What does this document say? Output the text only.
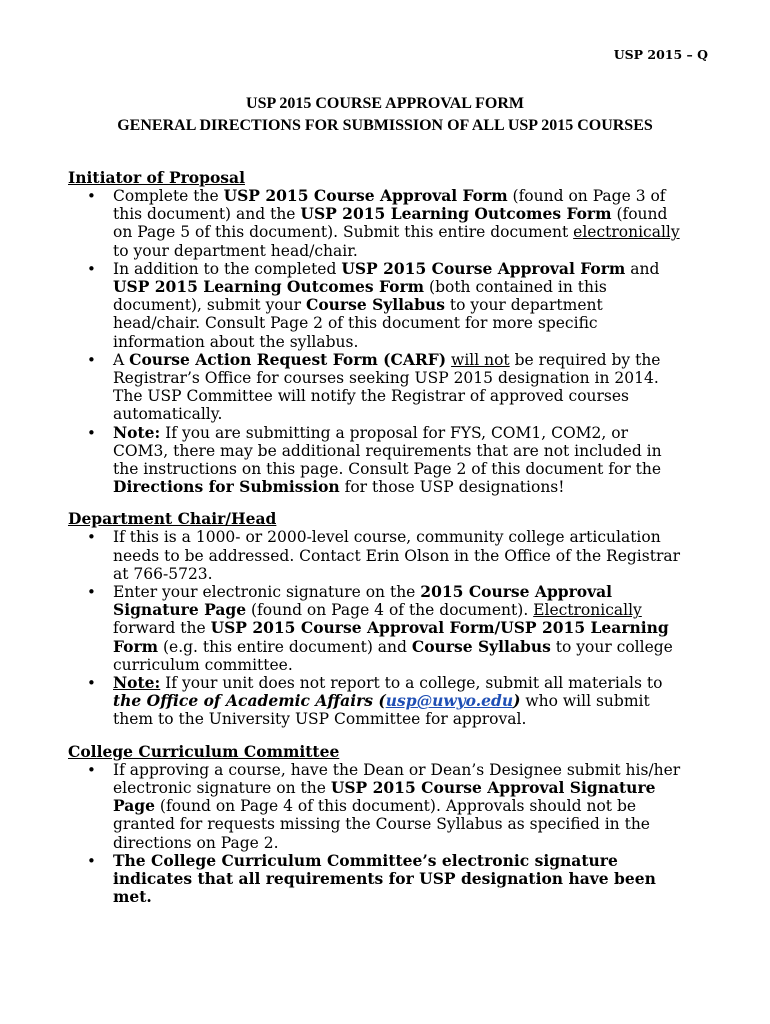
USP 2015 – Q
USP 2015 COURSE APPROVAL FORM
GENERAL DIRECTIONS FOR SUBMISSION OF ALL USP 2015 COURSES
Initiator of Proposal
• Complete the USP 2015 Course Approval Form (found on Page 3 of this document) and the USP 2015 Learning Outcomes Form (found on Page 5 of this document). Submit this entire document electronically to your department head/chair.
• In addition to the completed USP 2015 Course Approval Form and USP 2015 Learning Outcomes Form (both contained in this document), submit your Course Syllabus to your department head/chair. Consult Page 2 of this document for more specific information about the syllabus.
• A Course Action Request Form (CARF) will not be required by the Registrar’s Office for courses seeking USP 2015 designation in 2014. The USP Committee will notify the Registrar of approved courses automatically.
• Note: If you are submitting a proposal for FYS, COM1, COM2, or COM3, there may be additional requirements that are not included in the instructions on this page. Consult Page 2 of this document for the Directions for Submission for those USP designations!
Department Chair/Head
• If this is a 1000- or 2000-level course, community college articulation needs to be addressed. Contact Erin Olson in the Office of the Registrar at 766-5723.
• Enter your electronic signature on the 2015 Course Approval Signature Page (found on Page 4 of the document). Electronically forward the USP 2015 Course Approval Form/USP 2015 Learning Form (e.g. this entire document) and Course Syllabus to your college curriculum committee.
• Note: If your unit does not report to a college, submit all materials to the Office of Academic Affairs (usp@uwyo.edu) who will submit them to the University USP Committee for approval.
College Curriculum Committee
• If approving a course, have the Dean or Dean’s Designee submit his/her electronic signature on the USP 2015 Course Approval Signature Page (found on Page 4 of this document). Approvals should not be granted for requests missing the Course Syllabus as specified in the directions on Page 2.
• The College Curriculum Committee’s electronic signature indicates that all requirements for USP designation have been met.
